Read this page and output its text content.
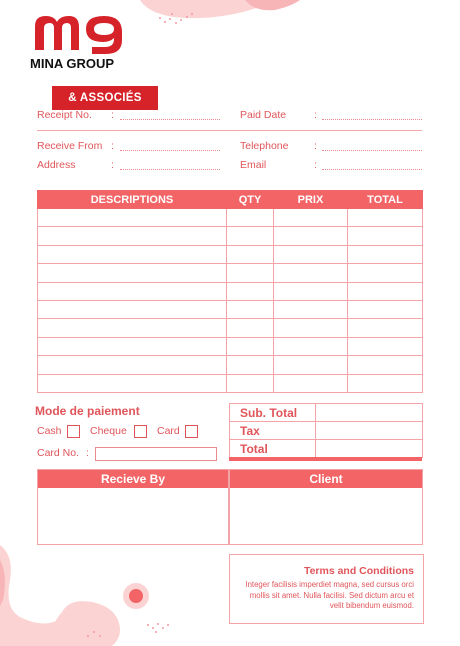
MINA GROUP
& ASSOCIÉS
Receipt No. :	Paid Date	:
Receive From :	Telephone :
Address	:	Email	:
DESCRIPTIONS	QTY	PRIX	TOTAL

Mode de paiement
Cash	Cheque	Card
Card No. :
Sub. Total	
Tax	
Total	
Recieve By	Client
Terms and Conditions
Integer facilisis imperdiet magna, sed cursus orci mollis sit amet. Nulla facilisi. Sed dictum arcu et velit bibendum euismod.
